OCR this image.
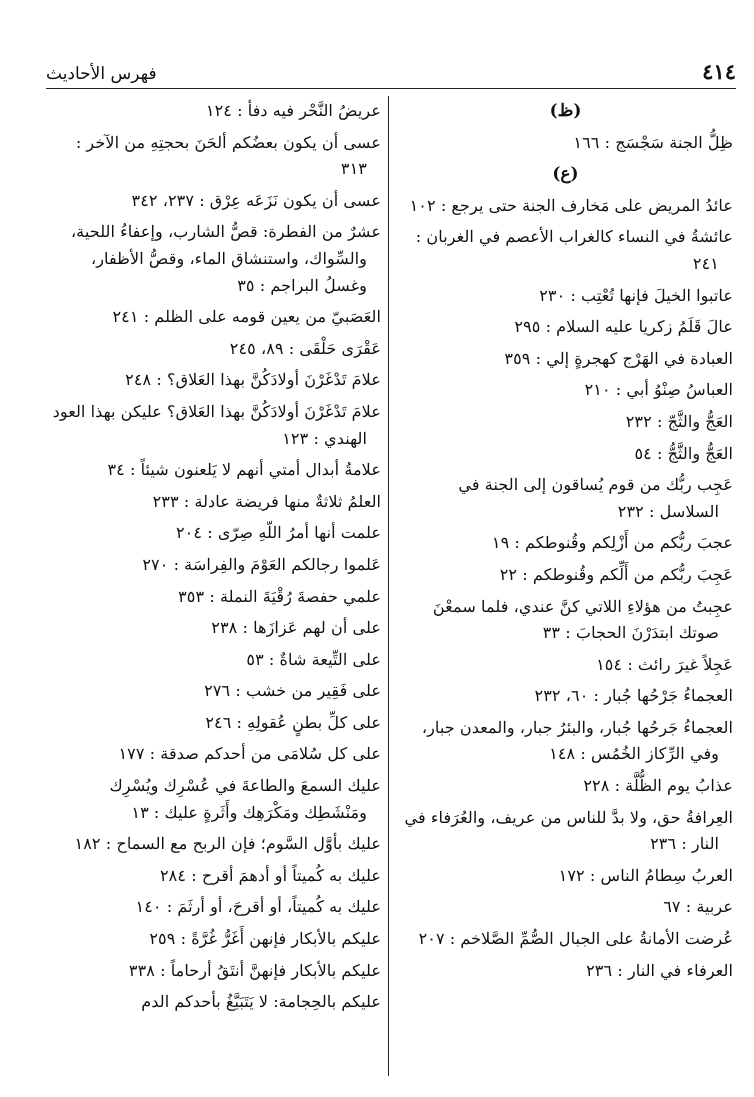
٤١٤
فهرس الأحاديث
(ظ)
ظِلُّ الجنة سَجْسَج : ١٦٦
(ع)
عائدُ المريض على مَخارف الجنة حتى يرجع : ١٠٢
عائشةُ في النساء كالغراب الأعصم في الغربان : ٢٤١
عاتبوا الخيلَ فإنها تُعْتِب : ٢٣٠
عالَ قَلَمُ زكريا عليه السلام : ٢٩٥
العبادة في الهَرْج كهجرةٍ إلي : ٣٥٩
العباسُ صِنْوُ أبي : ٢١٠
العَجُّ والثَّجّ : ٢٣٢
العَجُّ والثَّجُّ : ٥٤
عَجِب ربُّك من قوم يُساقون إلى الجنة في السلاسل : ٢٣٢
عجبَ ربُّكم من أَزْلِكم وقُنوطكم : ١٩
عَجِبَ ربُّكم من أَلِّكم وقُنوطكم : ٢٢
عجِبتُ من هؤلاءِ اللاتي كنَّ عندي، فلما سمعْنَ صوتك ابتدَرْنَ الحجابَ : ٣٣
عَجِلاً غيرَ رائث : ١٥٤
العجماءُ جَرْحُها جُبار : ٦٠، ٢٣٢
العجماءُ جَرحُها جُبار، والبئرُ جبار، والمعدن جبار، وفي الرِّكاز الخُمُس : ١٤٨
عذابُ يوم الظُّلَّة : ٢٢٨
العِرافةُ حق، ولا بدَّ للناس من عريف، والعُرَفاء في النار : ٢٣٦
العربُ سِطامُ الناس : ١٧٢
عربية : ٦٧
عُرضت الأمانةُ على الجبال الصُّمِّ الصَّلاخم : ٢٠٧
العرفاء في النار : ٢٣٦
عريضُ النَّحْر فيه دفأ : ١٢٤
عسى أن يكون بعضُكم ألحَنَ بحجتِهِ من الآخر : ٣١٣
عسى أن يكون نَزَعَه عِرْق : ٢٣٧، ٣٤٢
عشرٌ من الفطرة: قصُّ الشارب، وإعفاءُ اللحية، والسِّواك، واستنشاق الماء، وقصُّ الأظفار، وغسلُ البراجم : ٣٥
العَصَبيّ من يعين قومه على الظلم : ٢٤١
عَقْرَى حَلْقَى : ٨٩، ٢٤٥
علامَ تَدْغَرْنَ أولادَكُنَّ بهذا العَلاق؟ : ٢٤٨
علامَ تَدْغَرْنَ أولادَكُنَّ بهذا العَلاق؟ عليكن بهذا العود الهندي : ١٢٣
علامةُ أبدال أمتي أنهم لا يَلعنون شيئاً : ٣٤
العلمُ ثلاثةٌ منها فريضة عادلة : ٢٣٣
علمت أنها أمرُ اللّهِ صِرّى : ٢٠٤
عَلموا رجالكم العَوْمَ والفِراسَة : ٢٧٠
علمي حفصةَ رُقْيَةَ النملة : ٣٥٣
على أن لهم عَزازَها : ٢٣٨
على التِّيعة شاةٌ : ٥٣
على فَقِير من خشب : ٢٧٦
على كلِّ بطنٍ عُقولِهِ : ٢٤٦
على كل سُلامَى من أحدكم صدقة : ١٧٧
عليك السمعَ والطاعةَ في عُسْرِك ويُسْرِك ومَنْشَطِك ومَكْرَهِك وأَثَرةٍ عليك : ١٣
عليك بأوَّل السَّوم؛ فإن الربح مع السماح : ١٨٢
عليك به كُميتاً أو أدهمَ أقرح : ٢٨٤
عليك به كُميتاً، أو أقرحَ، أو أرثَمَ : ١٤٠
عليكم بالأبكار فإنهن أَغَرُّ غُرَّةً : ٢٥٩
عليكم بالأبكار فإنهنَّ أنتَقُ أرحاماً : ٣٣٨
عليكم بالحِجامة: لا يَتَبَيَّغُ بأحدكم الدم
